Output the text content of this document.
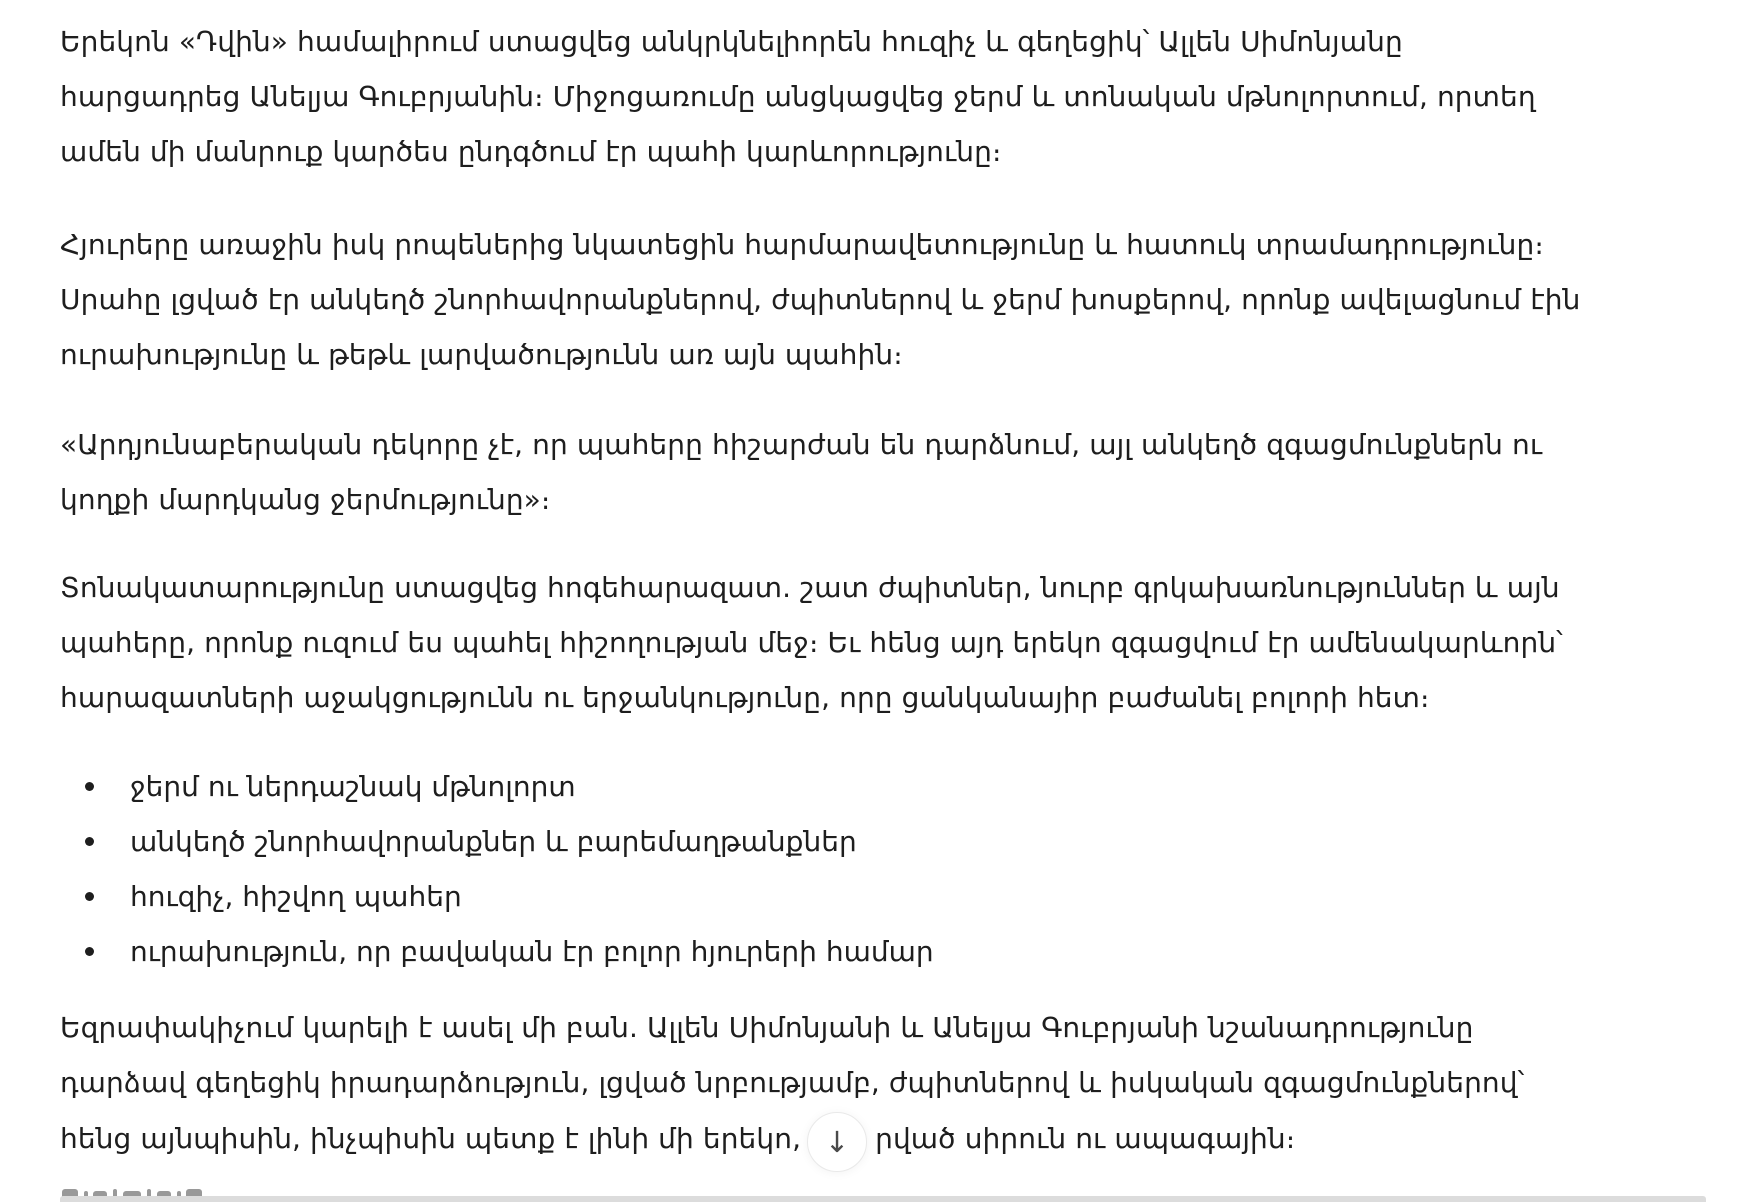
Երեկոն «Դվին» համալիրում ստացվեց անկրկնելիորեն հուզիչ և գեղեցիկ՝ Ալլեն Սիմոնյանը
հարցադրեց Անելյա Գուբրյանին։ Միջոցառումը անցկացվեց ջերմ և տոնական մթնոլորտում, որտեղ
ամեն մի մանրուք կարծես ընդգծում էր պահի կարևորությունը։
Հյուրերը առաջին իսկ րոպեներից նկատեցին հարմարավետությունը և հատուկ տրամադրությունը։
Սրահը լցված էր անկեղծ շնորհավորանքներով, ժպիտներով և ջերմ խոսքերով, որոնք ավելացնում էին
ուրախությունը և թեթև լարվածությունն առ այն պահին։
«Արդյունաբերական դեկորը չէ, որ պահերը հիշարժան են դարձնում, այլ անկեղծ զգացմունքներն ու
կողքի մարդկանց ջերմությունը»։
Տոնակատարությունը ստացվեց հոգեհարազատ. շատ ժպիտներ, նուրբ գրկախառնություններ և այն
պահերը, որոնք ուզում ես պահել հիշողության մեջ։ Եւ հենց այդ երեկո զգացվում էր ամենակարևորն՝
հարազատների աջակցությունն ու երջանկությունը, որը ցանկանայիր բաժանել բոլորի հետ։
ջերմ ու ներդաշնակ մթնոլորտ
անկեղծ շնորհավորանքներ և բարեմաղթանքներ
հուզիչ, հիշվող պահեր
ուրախություն, որ բավական էր բոլոր հյուրերի համար
Եզրափակիչում կարելի է ասել մի բան. Ալլեն Սիմոնյանի և Անելյա Գուբրյանի նշանադրությունը
դարձավ գեղեցիկ իրադարձություն, լցված նրբությամբ, ժպիտներով և իսկական զգացմունքներով՝
հենց այնպիսին, ինչպիսին պետք է լինի մի երեկո, ↓ րված սիրուն ու ապագային։
